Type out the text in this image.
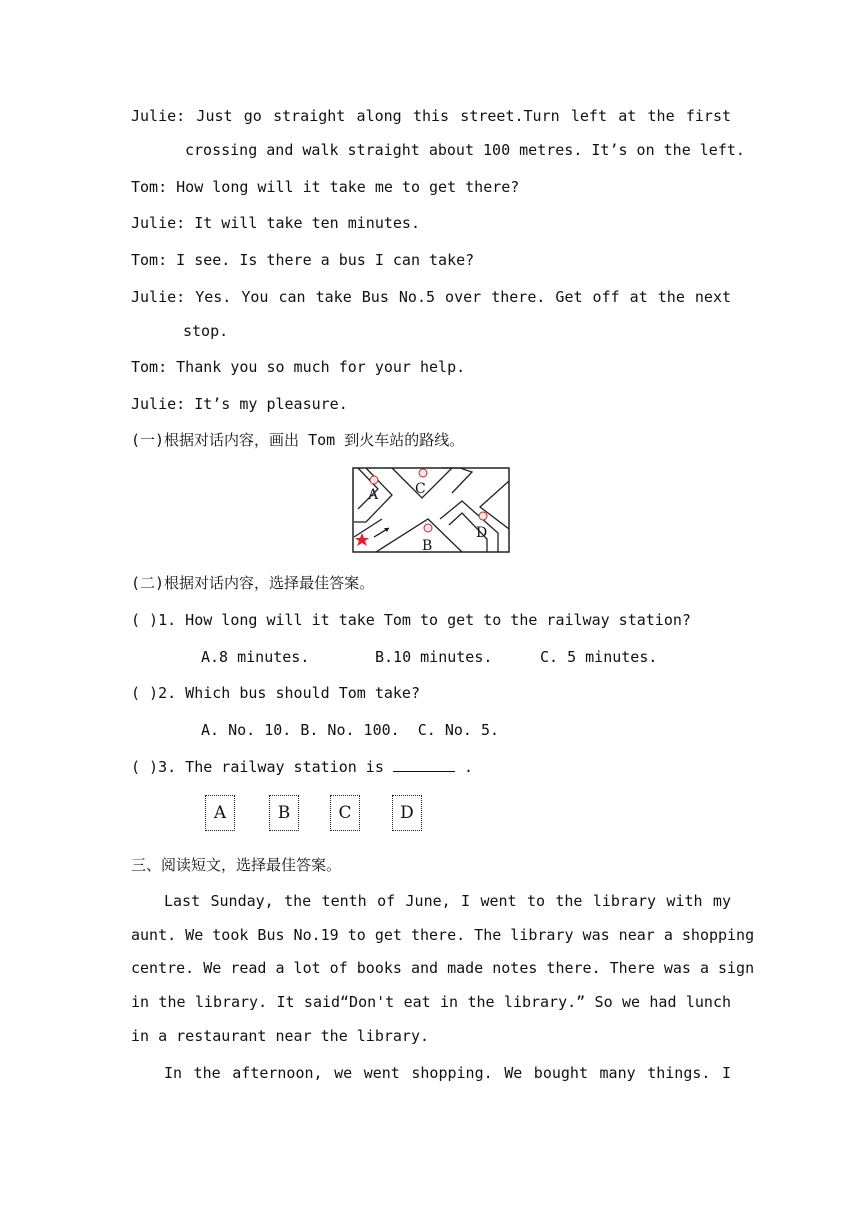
Julie: Just go straight along this street.Turn left at the first
crossing and walk straight about 100 metres. It’s on the left.
Tom: How long will it take me to get there?
Julie: It will take ten minutes.
Tom: I see. Is there a bus I can take?
Julie: Yes. You can take Bus No.5 over there. Get off at the next
stop.
Tom: Thank you so much for your help.
Julie: It’s my pleasure.
(一)根据对话内容，画出 Tom 到火车站的路线。
A	C
B
D
(二)根据对话内容，选择最佳答案。
( )1. How long will it take Tom to get to the railway station?
A.8 minutes.	B.10 minutes.	C. 5 minutes.
( )2. Which bus should Tom take?
A. No. 10. B. No. 100.  C. No. 5.
( )3. The railway station is	.
A	B	C	D
三、阅读短文，选择最佳答案。
Last Sunday, the tenth of June, I went to the library with my
aunt. We took Bus No.19 to get there. The library was near a shopping
centre. We read a lot of books and made notes there. There was a sign
in the library. It said“Don't eat in the library.” So we had lunch
in a restaurant near the library.
In the afternoon, we went shopping. We bought many things. I
